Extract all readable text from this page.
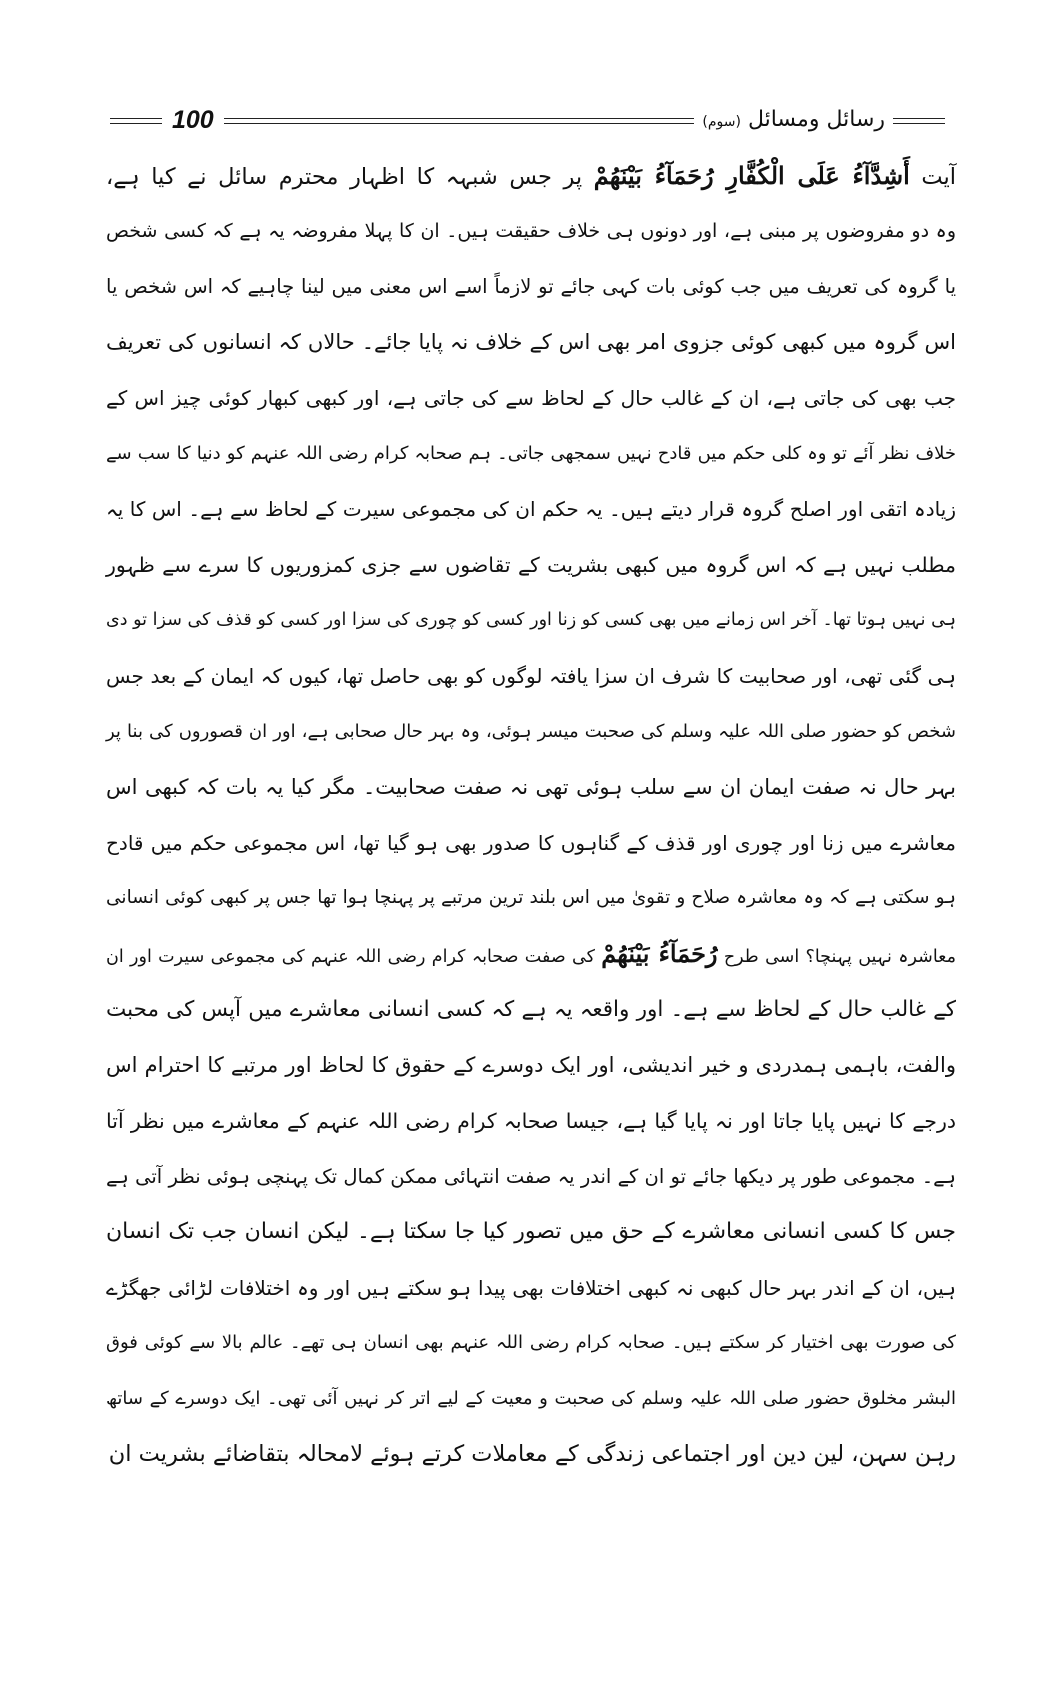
100	رسائل ومسائل (سوم)
آیت أَشِدَّآءُ عَلَى الْكُفَّارِ رُحَمَآءُ بَيْنَهُمْ پر جس شبہہ کا اظہار محترم سائل نے کیا ہے،
وہ دو مفروضوں پر مبنی ہے، اور دونوں ہی خلاف حقیقت ہیں۔ ان کا پہلا مفروضہ یہ ہے کہ کسی شخص
یا گروہ کی تعریف میں جب کوئی بات کہی جائے تو لازماً اسے اس معنی میں لینا چاہیے کہ اس شخص یا
اس گروہ میں کبھی کوئی جزوی امر بھی اس کے خلاف نہ پایا جائے۔ حالاں کہ انسانوں کی تعریف
جب بھی کی جاتی ہے، ان کے غالب حال کے لحاظ سے کی جاتی ہے، اور کبھی کبھار کوئی چیز اس کے
خلاف نظر آئے تو وہ کلی حکم میں قادح نہیں سمجھی جاتی۔ ہم صحابہ کرام رضی اللہ عنہم کو دنیا کا سب سے
زیادہ اتقی اور اصلح گروہ قرار دیتے ہیں۔ یہ حکم ان کی مجموعی سیرت کے لحاظ سے ہے۔ اس کا یہ
مطلب نہیں ہے کہ اس گروہ میں کبھی بشریت کے تقاضوں سے جزی کمزوریوں کا سرے سے ظہور
ہی نہیں ہوتا تھا۔ آخر اس زمانے میں بھی کسی کو زنا اور کسی کو چوری کی سزا اور کسی کو قذف کی سزا تو دی
ہی گئی تھی، اور صحابیت کا شرف ان سزا یافتہ لوگوں کو بھی حاصل تھا، کیوں کہ ایمان کے بعد جس
شخص کو حضور صلی اللہ علیہ وسلم کی صحبت میسر ہوئی، وہ بہر حال صحابی ہے، اور ان قصوروں کی بنا پر
بہر حال نہ صفت ایمان ان سے سلب ہوئی تھی نہ صفت صحابیت۔ مگر کیا یہ بات کہ کبھی اس
معاشرے میں زنا اور چوری اور قذف کے گناہوں کا صدور بھی ہو گیا تھا، اس مجموعی حکم میں قادح
ہو سکتی ہے کہ وہ معاشرہ صلاح و تقویٰ میں اس بلند ترین مرتبے پر پہنچا ہوا تھا جس پر کبھی کوئی انسانی
معاشرہ نہیں پہنچا؟ اسی طرح رُحَمَآءُ بَيْنَهُمْ کی صفت صحابہ کرام رضی اللہ عنہم کی مجموعی سیرت اور ان
کے غالب حال کے لحاظ سے ہے۔ اور واقعہ یہ ہے کہ کسی انسانی معاشرے میں آپس کی محبت
والفت، باہمی ہمدردی و خیر اندیشی، اور ایک دوسرے کے حقوق کا لحاظ اور مرتبے کا احترام اس
درجے کا نہیں پایا جاتا اور نہ پایا گیا ہے، جیسا صحابہ کرام رضی اللہ عنہم کے معاشرے میں نظر آتا
ہے۔ مجموعی طور پر دیکھا جائے تو ان کے اندر یہ صفت انتہائی ممکن کمال تک پہنچی ہوئی نظر آتی ہے
جس کا کسی انسانی معاشرے کے حق میں تصور کیا جا سکتا ہے۔ لیکن انسان جب تک انسان
ہیں، ان کے اندر بہر حال کبھی نہ کبھی اختلافات بھی پیدا ہو سکتے ہیں اور وہ اختلافات لڑائی جھگڑے
کی صورت بھی اختیار کر سکتے ہیں۔ صحابہ کرام رضی اللہ عنہم بھی انسان ہی تھے۔ عالم بالا سے کوئی فوق
البشر مخلوق حضور صلی اللہ علیہ وسلم کی صحبت و معیت کے لیے اتر کر نہیں آئی تھی۔ ایک دوسرے کے ساتھ
رہن سہن، لین دین اور اجتماعی زندگی کے معاملات کرتے ہوئے لامحالہ بتقاضائے بشریت ان
